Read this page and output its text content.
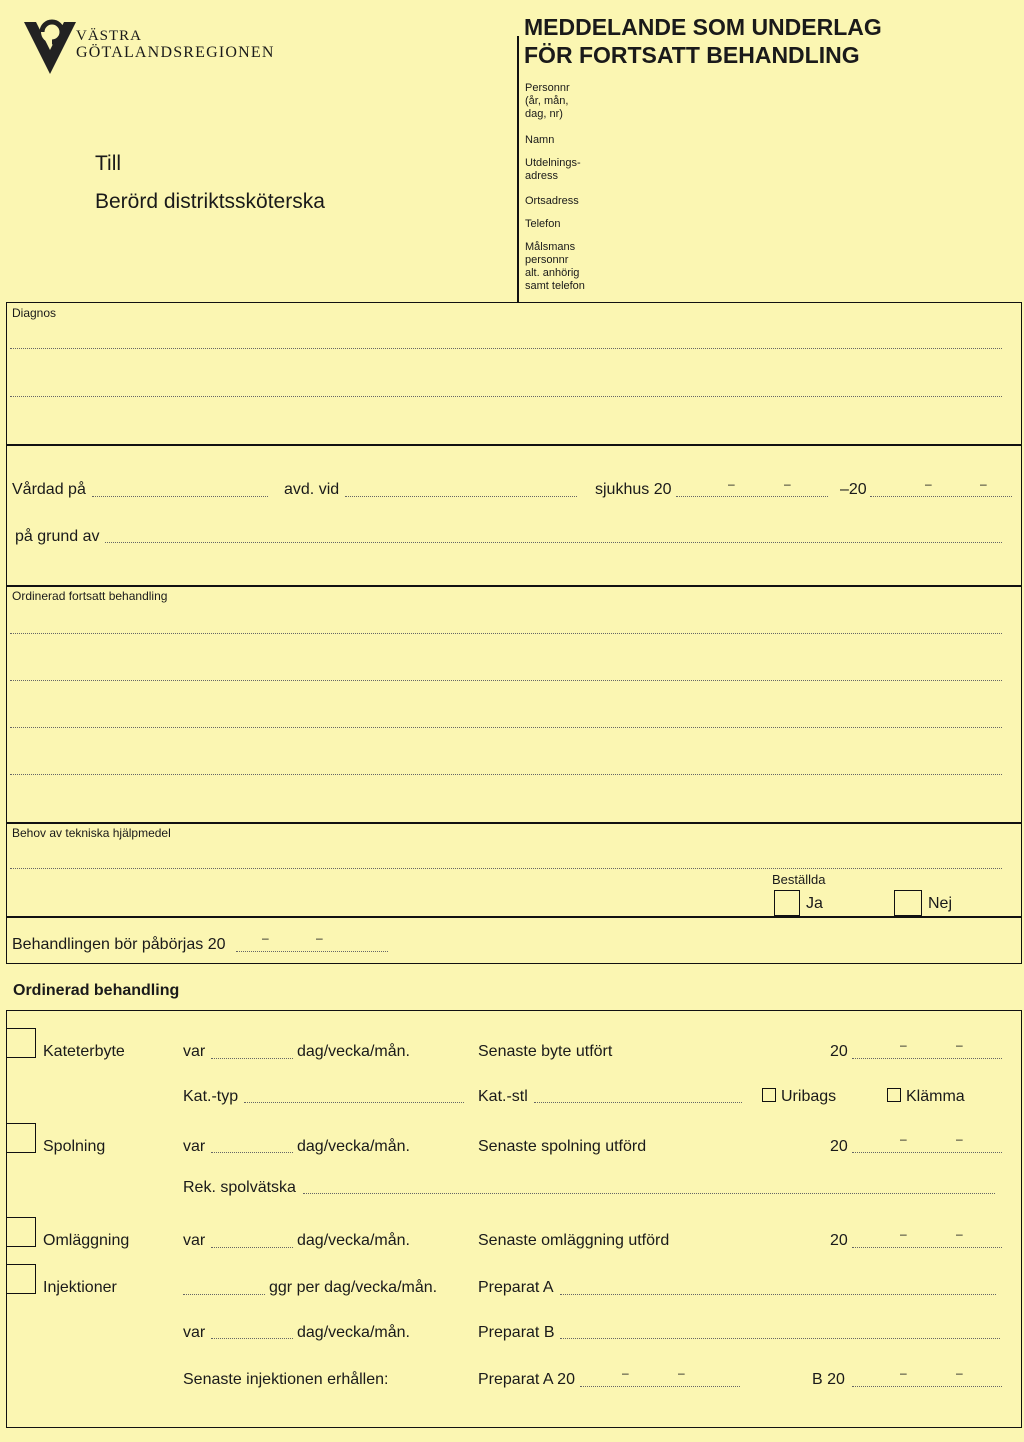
VÄSTRA
GÖTALANDSREGIONEN
MEDDELANDE SOM UNDERLAG
FÖR FORTSATT BEHANDLING
Till
Berörd distriktssköterska
Personnr
(år, mån,
dag, nr)
Namn
Utdelnings-
adress
Ortsadress
Telefon
Målsmans
personnr
alt. anhörig
samt telefon
Diagnos
Vårdad på	avd. vid	sjukhus 20	–	–	–20	–	–
på grund av
Ordinerad fortsatt behandling
Behov av tekniska hjälpmedel
Beställda
Ja	Nej
Behandlingen bör påbörjas 20	–	–
Ordinerad behandling
Kateterbyte	var	dag/vecka/mån.	Senaste byte utfört	20	–	–
Kat.-typ	Kat.-stl	Uribags	Klämma
Spolning	var	dag/vecka/mån.	Senaste spolning utförd	20	–	–
Rek. spolvätska
Omläggning	var	dag/vecka/mån.	Senaste omläggning utförd	20	–	–
Injektioner	ggr per dag/vecka/mån.	Preparat A
var	dag/vecka/mån.	Preparat B
Senaste injektionen erhållen:	Preparat A 20	–	–	B 20	–	–
